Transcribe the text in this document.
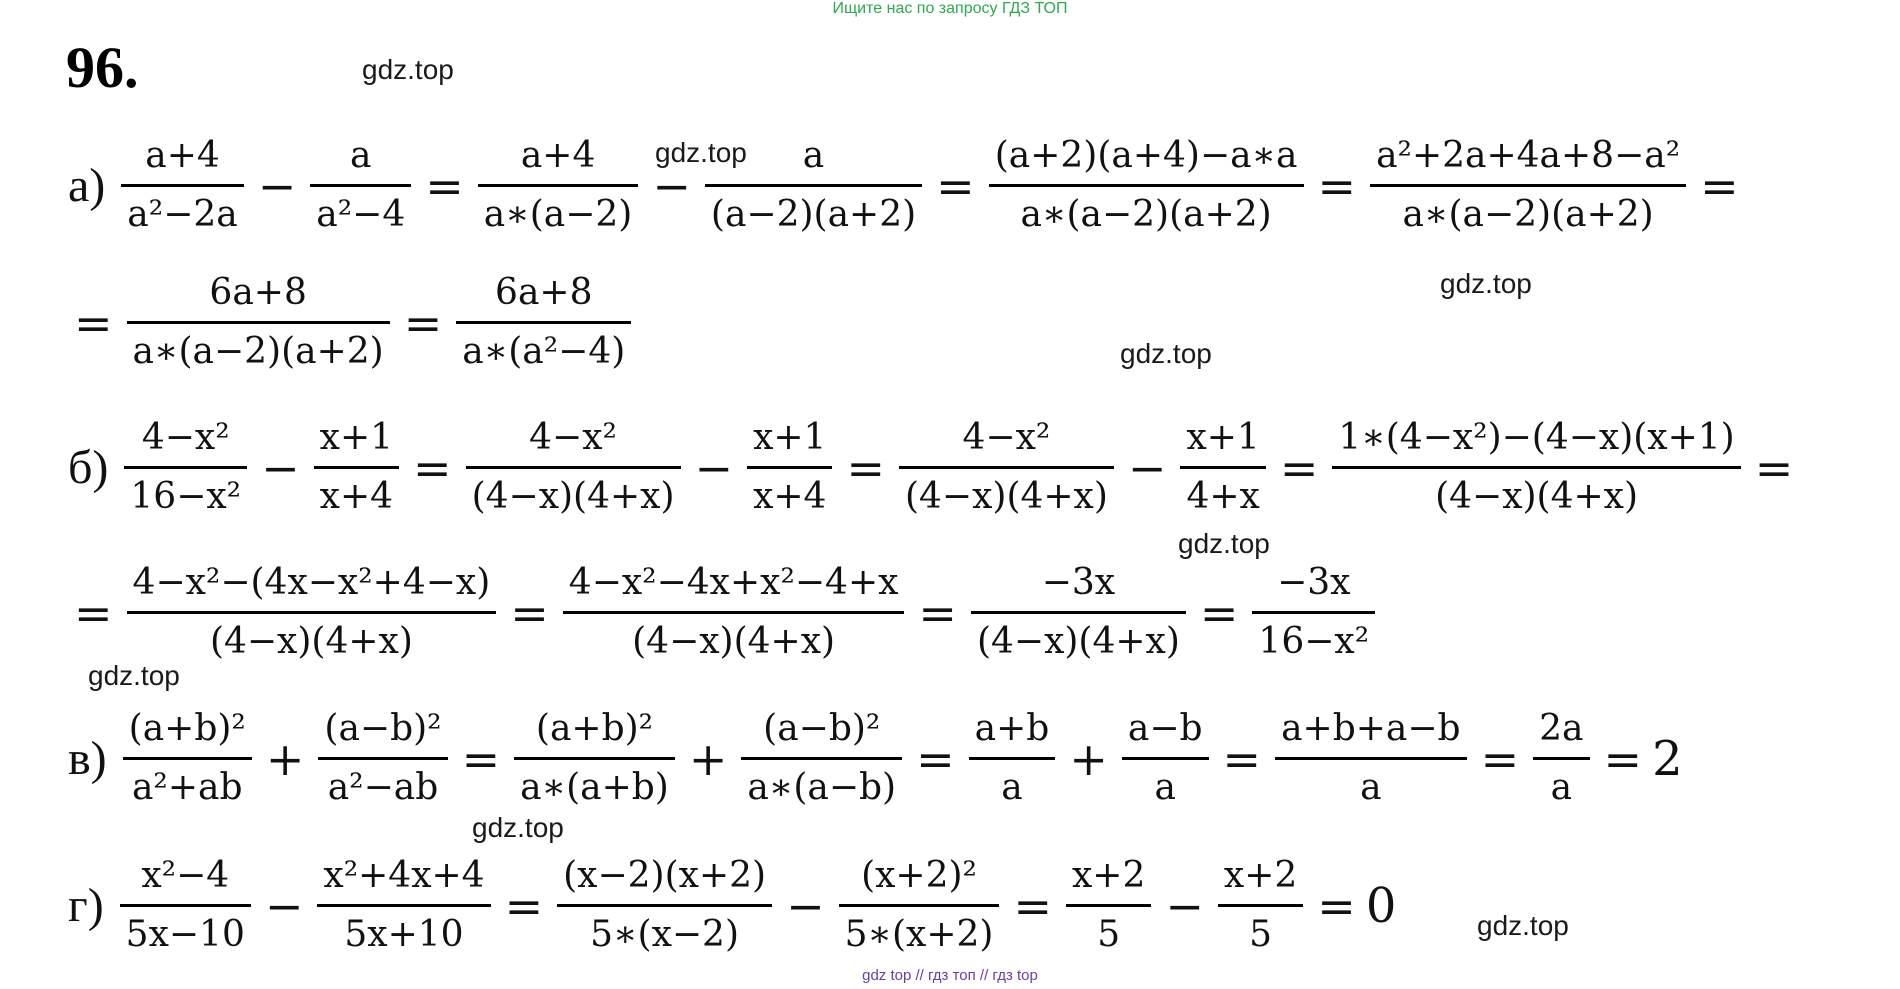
Ищите нас по запросу ГДЗ ТОП
96.	gdz.top
gdz.top
gdz.top
gdz.top
gdz.top
gdz.top
gdz.top
gdz.top
$а) \frac{a+4}{\text{a²−2a}} - \frac{a}{\text{a²−4}} = \frac{a+4}{a∗(a-2)} - \frac{a}{(a-2)(a+2)} = \frac{(a+2)(a+4)-a∗a}{a∗(a-2)(a+2)} = \frac{\text{a²+2a+4a+8−a²}}{a∗(a-2)(a+2)}$ =
= $\frac{6a+8}{a∗(a-2)(a+2)} = \frac{6a+8}{\text{a∗(a²−4)}}$
$б) \frac{\text{4−x²}}{\text{16−x²}} - \frac{x+1}{x+4} = \frac{\text{4−x²}}{(4-x)(4+x)} - \frac{x+1}{x+4} = \frac{\text{4−x²}}{(4-x)(4+x)} - \frac{x+1}{4+x} = \frac{\text{1∗(4−x²)−(4−x)(x+1)}}{(4-x)(4+x)}$ =
= $\frac{\text{4−x²−(4x−x²+4−x)}}{(4-x)(4+x)} = \frac{\text{4−x²−4x+x²−4+x}}{(4-x)(4+x)} = \frac{-3x}{(4-x)(4+x)} = \frac{-3x}{\text{16−x²}}$
$в) \frac{\text{(a+b)²}}{\text{a²+ab}} + \frac{\text{(a−b)²}}{\text{a²−ab}} = \frac{\text{(a+b)²}}{a∗(a+b)} + \frac{\text{(a−b)²}}{a∗(a-b)} = \frac{a+b}{a} + \frac{a-b}{a} = \frac{a+b+a-b}{a} = \frac{2a}{a} = 2$
$г) \frac{\text{x²−4}}{5x-10} - \frac{\text{x²+4x+4}}{5x+10} = \frac{(x-2)(x+2)}{5∗(x-2)} - \frac{\text{(x+2)²}}{5∗(x+2)} = \frac{x+2}{5} - \frac{x+2}{5} = 0$
gdz top // гдз топ // гдз top
